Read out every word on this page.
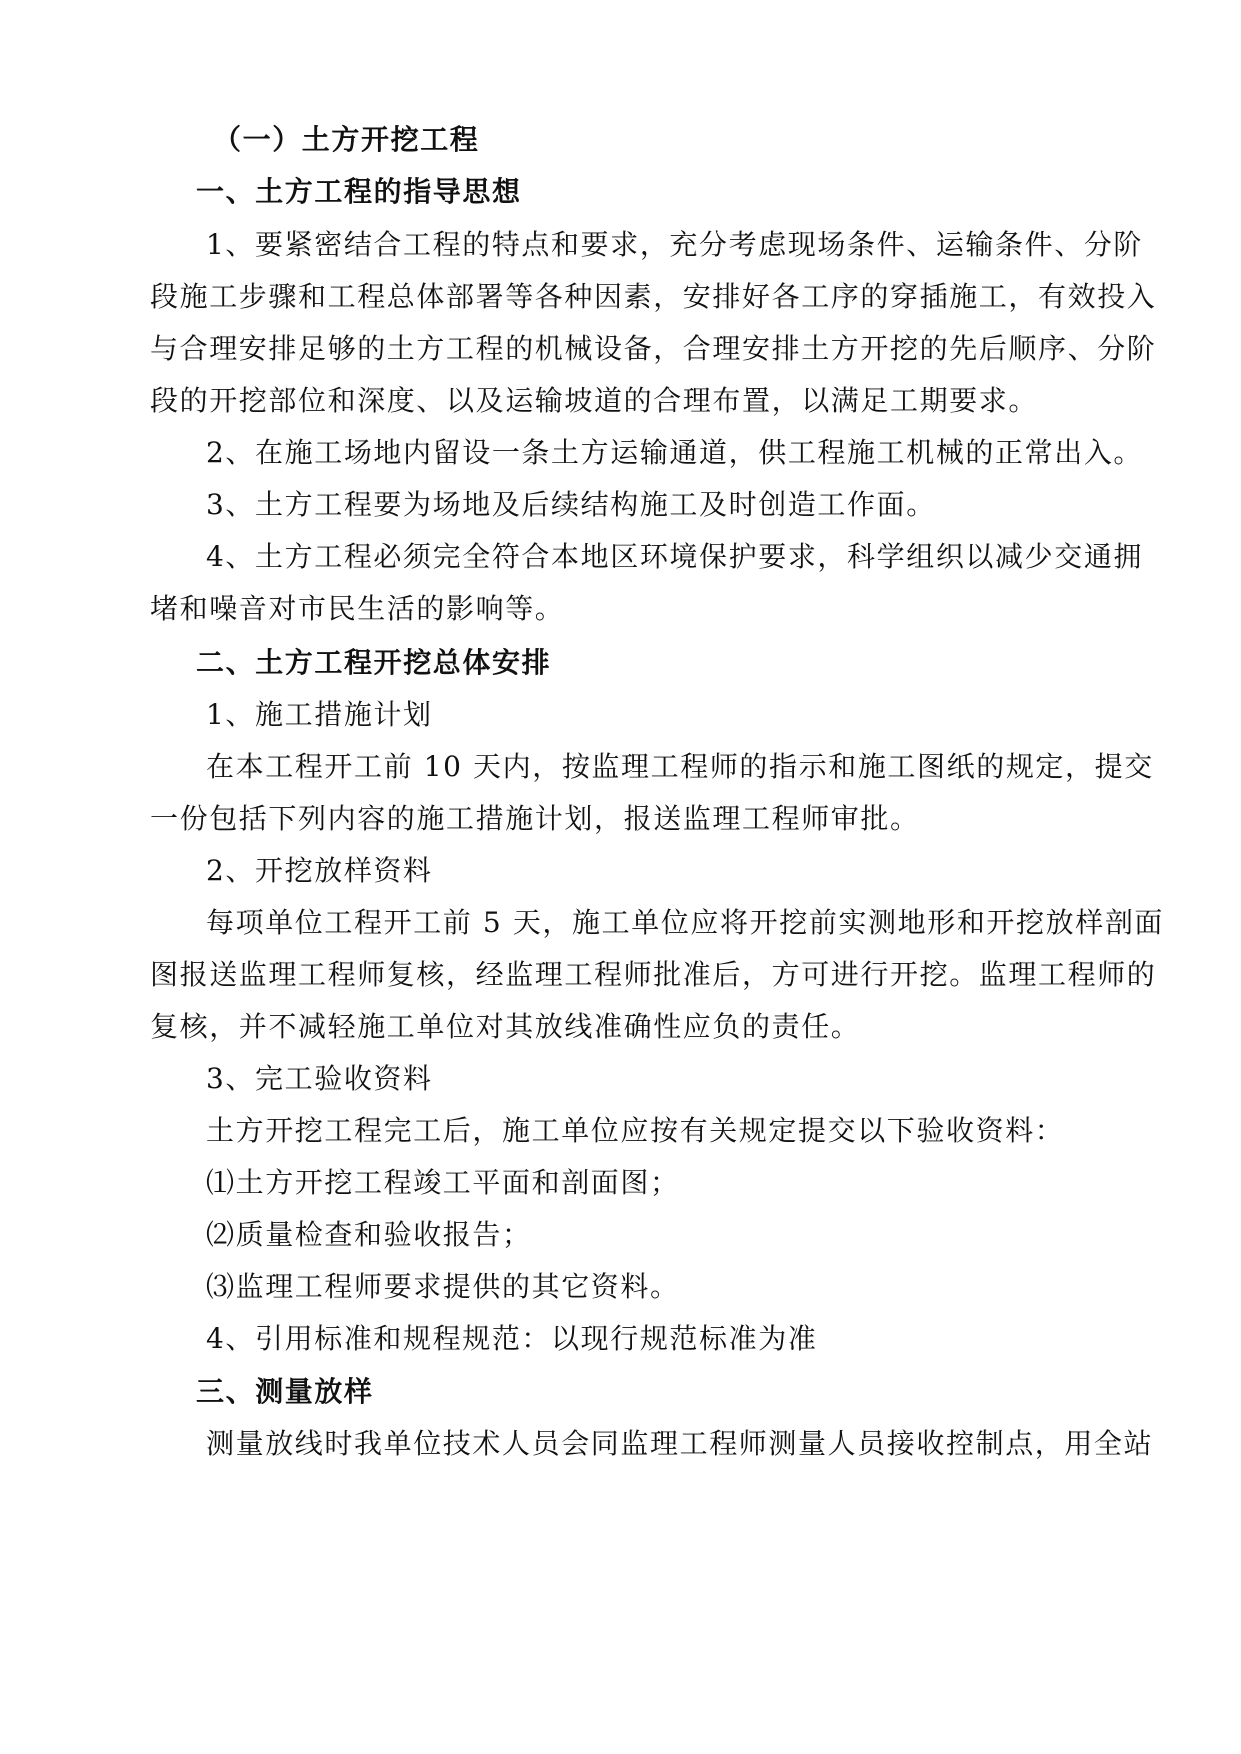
（一）土方开挖工程
一、土方工程的指导思想
1、要紧密结合工程的特点和要求，充分考虑现场条件、运输条件、分阶
段施工步骤和工程总体部署等各种因素，安排好各工序的穿插施工，有效投入
与合理安排足够的土方工程的机械设备，合理安排土方开挖的先后顺序、分阶
段的开挖部位和深度、以及运输坡道的合理布置，以满足工期要求。
2、在施工场地内留设一条土方运输通道，供工程施工机械的正常出入。
3、土方工程要为场地及后续结构施工及时创造工作面。
4、土方工程必须完全符合本地区环境保护要求，科学组织以减少交通拥
堵和噪音对市民生活的影响等。
二、土方工程开挖总体安排
1、施工措施计划
在本工程开工前 10 天内，按监理工程师的指示和施工图纸的规定，提交
一份包括下列内容的施工措施计划，报送监理工程师审批。
2、开挖放样资料
每项单位工程开工前 5 天，施工单位应将开挖前实测地形和开挖放样剖面
图报送监理工程师复核，经监理工程师批准后，方可进行开挖。监理工程师的
复核，并不减轻施工单位对其放线准确性应负的责任。
3、完工验收资料
土方开挖工程完工后，施工单位应按有关规定提交以下验收资料：
⑴土方开挖工程竣工平面和剖面图；
⑵质量检查和验收报告；
⑶监理工程师要求提供的其它资料。
4、引用标准和规程规范：以现行规范标准为准
三、测量放样
测量放线时我单位技术人员会同监理工程师测量人员接收控制点，用全站
